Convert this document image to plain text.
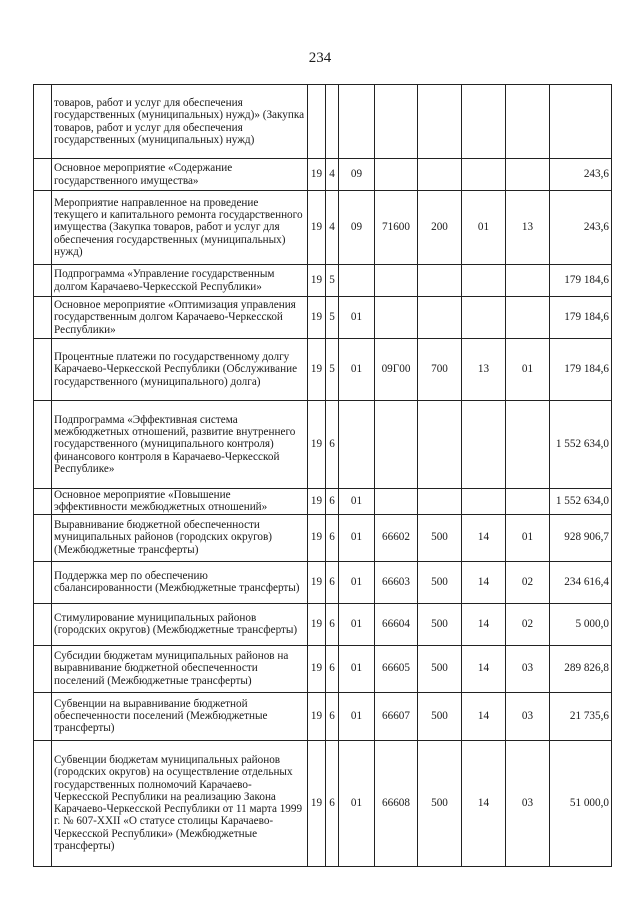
234
	товаров, работ и услуг для обеспечения государственных (муниципальных) нужд)» (Закупка товаров, работ и услуг для обеспечения государственных (муниципальных) нужд)								
	Основное мероприятие «Содержание государственного имущества»	19	4	09					243,6
	Мероприятие направленное на проведение текущего и капитального ремонта государственного имущества (Закупка товаров, работ и услуг для обеспечения государственных (муниципальных) нужд)	19	4	09	71600	200	01	13	243,6
	Подпрограмма «Управление государственным долгом Карачаево-Черкесской Республики»	19	5						179 184,6
	Основное мероприятие «Оптимизация управления государственным долгом Карачаево-Черкесской Республики»	19	5	01					179 184,6
	Процентные платежи по государственному долгу Карачаево-Черкесской Республики (Обслуживание государственного (муниципального) долга)	19	5	01	09Г00	700	13	01	179 184,6
	Подпрограмма «Эффективная система межбюджетных отношений, развитие внутреннего государственного (муниципального контроля) финансового контроля в Карачаево-Черкесской Республике»	19	6						1 552 634,0
	Основное мероприятие «Повышение эффективности межбюджетных отношений»	19	6	01					1 552 634,0
	Выравнивание бюджетной обеспеченности муниципальных районов (городских округов) (Межбюджетные трансферты)	19	6	01	66602	500	14	01	928 906,7
	Поддержка мер по обеспечению сбалансированности (Межбюджетные трансферты)	19	6	01	66603	500	14	02	234 616,4
	Стимулирование муниципальных районов (городских округов) (Межбюджетные трансферты)	19	6	01	66604	500	14	02	5 000,0
	Субсидии бюджетам муниципальных районов на выравнивание бюджетной обеспеченности поселений (Межбюджетные трансферты)	19	6	01	66605	500	14	03	289 826,8
	Субвенции на выравнивание бюджетной обеспеченности поселений (Межбюджетные трансферты)	19	6	01	66607	500	14	03	21 735,6
	Субвенции бюджетам муниципальных районов (городских округов) на осуществление отдельных государственных полномочий Карачаево-Черкесской Республики на реализацию Закона Карачаево-Черкесской Республики от 11 марта 1999 г. № 607-XXII «О статусе столицы Карачаево-Черкесской Республики» (Межбюджетные трансферты)	19	6	01	66608	500	14	03	51 000,0
